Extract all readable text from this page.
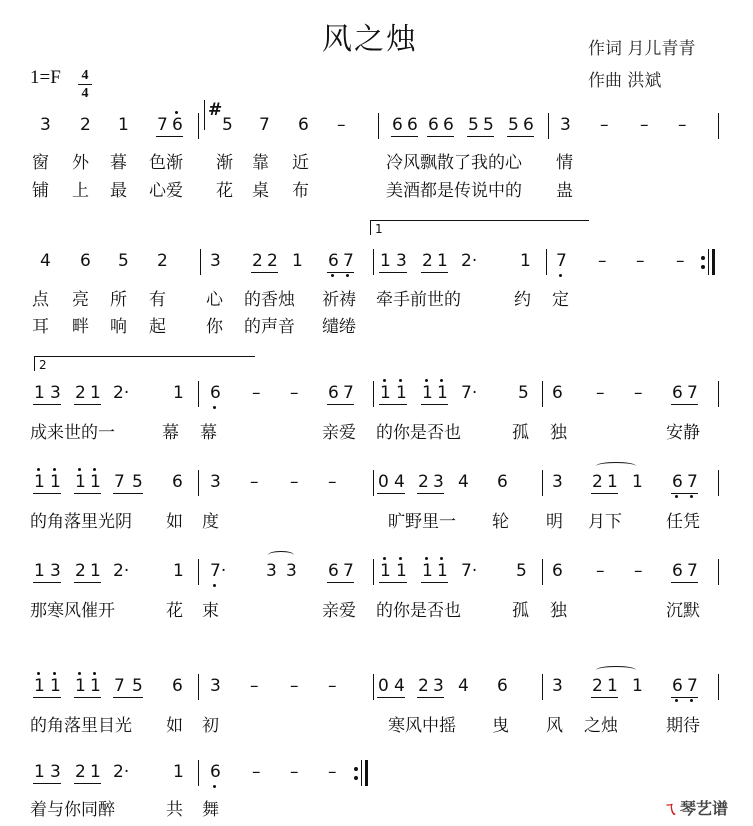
风之烛	作词 月儿青青
作曲 洪斌
1=F 4
4
#
1
2
3 2 1 7 6 5 7 6 –	6 6 6 6 5 5 5 6 3 – – –
窗 外 暮 色渐 渐 靠 近	冷风飘散了我的心 情
铺 上 最 心爱 花 桌 布	美酒都是传说中的 蛊
4 6 5 2 3 2 2 1 6 7 1 3 2 1 2·	1 7 – – –
点 亮 所 有 心 的香烛 祈祷 牵手前世的	约 定
耳 畔 响 起 你 的声音 缱绻
1 3 2 1 2·	1 6 – – 6 7 1 1 1 1 7· 5 6 – – 6 7
成来世的一	幕 幕	亲爱 的你是否也	孤 独	安静
1 1 1 1 7 5 6 3 – – – 0 4 2 3 4 6	3 2 1 1 6 7
的角落里光阴 如 度	旷野里一 轮 明 月下	任凭
1 3 2 1 2·	1 7· 3 3 6 7 1 1 1 1 7· 5 6 – – 6 7
那寒风催开	花 束	亲爱 的你是否也	孤 独	沉默
1 1 1 1 7 5 6 3 – – – 0 4 2 3 4 6	3 2 1 1 6 7
的角落里目光 如 初	寒风中摇 曳 风 之烛	期待
1 3 2 1 2·	1 6 – – –
着与你同醉	共 舞	ㄟ 琴艺谱
